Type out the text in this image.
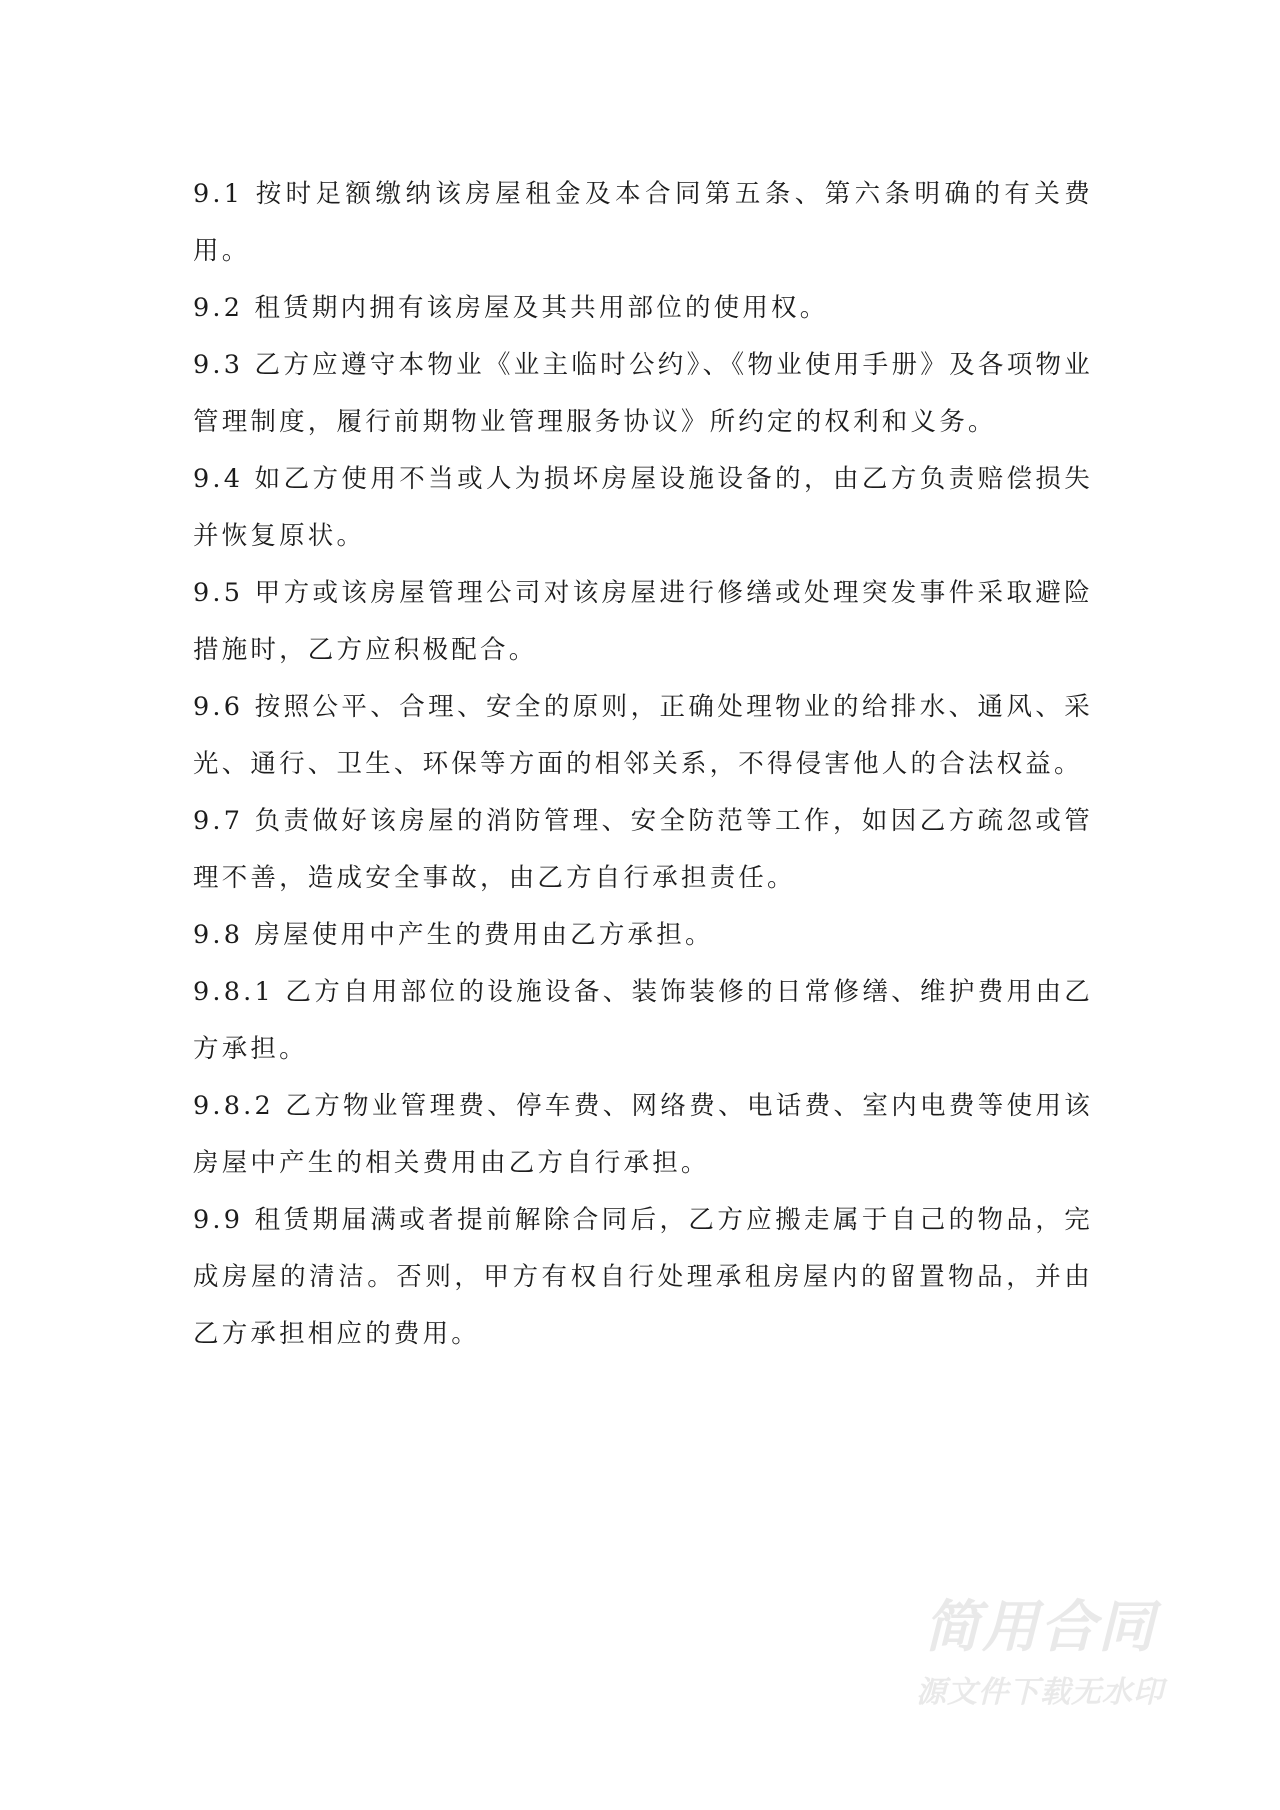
9.1 按时足额缴纳该房屋租金及本合同第五条、第六条明确的有关费用。

9.2 租赁期内拥有该房屋及其共用部位的使用权。

9.3 乙方应遵守本物业《业主临时公约》、《物业使用手册》及各项物业管理制度，履行前期物业管理服务协议》所约定的权利和义务。

9.4 如乙方使用不当或人为损坏房屋设施设备的，由乙方负责赔偿损失并恢复原状。

9.5 甲方或该房屋管理公司对该房屋进行修缮或处理突发事件采取避险措施时，乙方应积极配合。

9.6 按照公平、合理、安全的原则，正确处理物业的给排水、通风、采光、通行、卫生、环保等方面的相邻关系，不得侵害他人的合法权益。

9.7 负责做好该房屋的消防管理、安全防范等工作，如因乙方疏忽或管理不善，造成安全事故，由乙方自行承担责任。

9.8 房屋使用中产生的费用由乙方承担。

9.8.1 乙方自用部位的设施设备、装饰装修的日常修缮、维护费用由乙方承担。

9.8.2 乙方物业管理费、停车费、网络费、电话费、室内电费等使用该房屋中产生的相关费用由乙方自行承担。

9.9 租赁期届满或者提前解除合同后，乙方应搬走属于自己的物品，完成房屋的清洁。否则，甲方有权自行处理承租房屋内的留置物品，并由乙方承担相应的费用。

简用合同
源文件下载无水印
